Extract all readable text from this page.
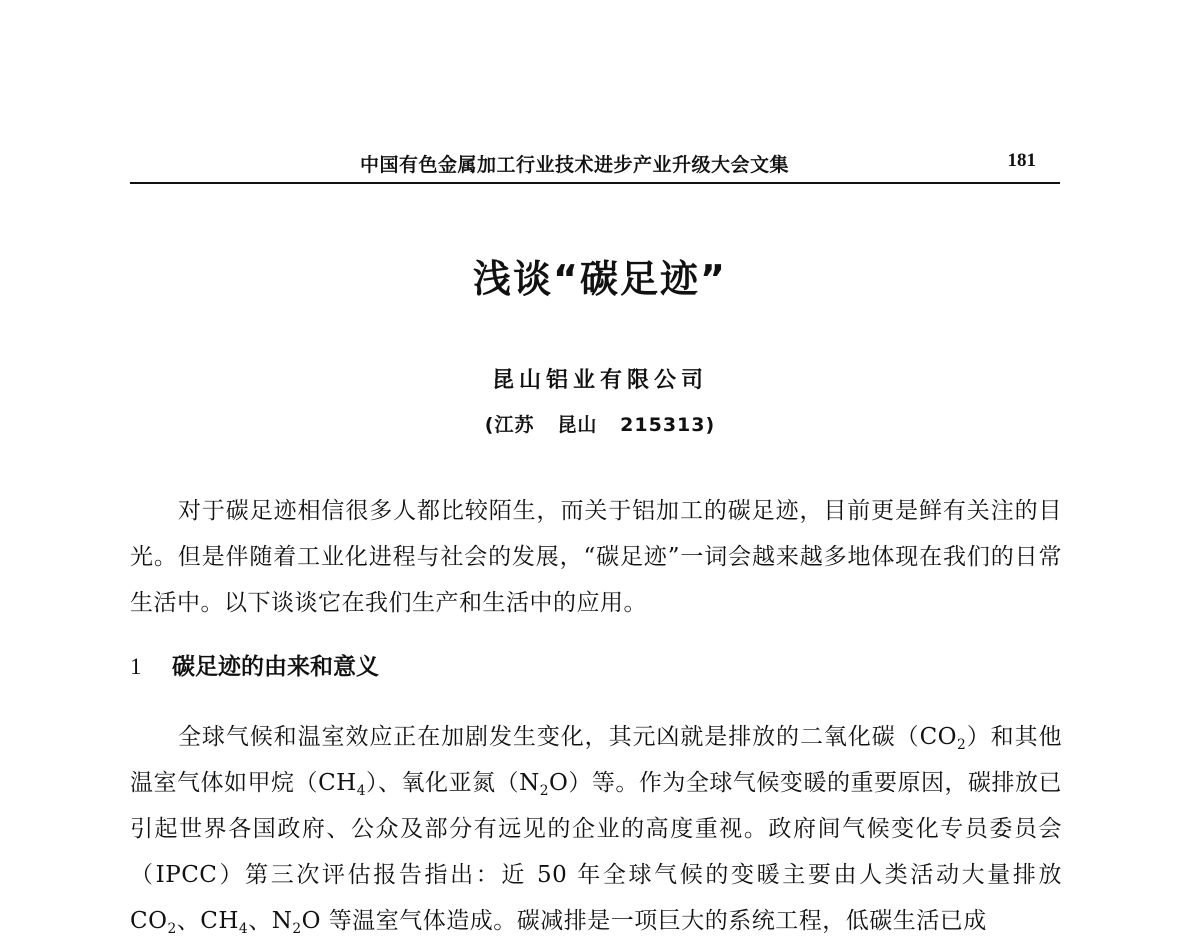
中国有色金属加工行业技术进步产业升级大会文集	181
浅谈“碳足迹”
昆山铝业有限公司
(江苏   昆山   215313)

对于碳足迹相信很多人都比较陌生，而关于铝加工的碳足迹，目前更是鲜有关注的目光。但是伴随着工业化进程与社会的发展，“碳足迹”一词会越来越多地体现在我们的日常生活中。以下谈谈它在我们生产和生活中的应用。

1 碳足迹的由来和意义

全球气候和温室效应正在加剧发生变化，其元凶就是排放的二氧化碳$(CO_2)$和其他温室气体如甲烷$(CH_4)$、氧化亚氮$(N_2O)$等。作为全球气候变暖的重要原因，碳排放已引起世界各国政府、公众及部分有远见的企业的高度重视。政府间气候变化专员委员会（IPCC）第三次评估报告指出：近 50 年全球气候的变暖主要由人类活动大量排放 $CO_2$、$CH_4$、$N_2O$ 等温室气体造成。碳减排是一项巨大的系统工程，低碳生活已成
